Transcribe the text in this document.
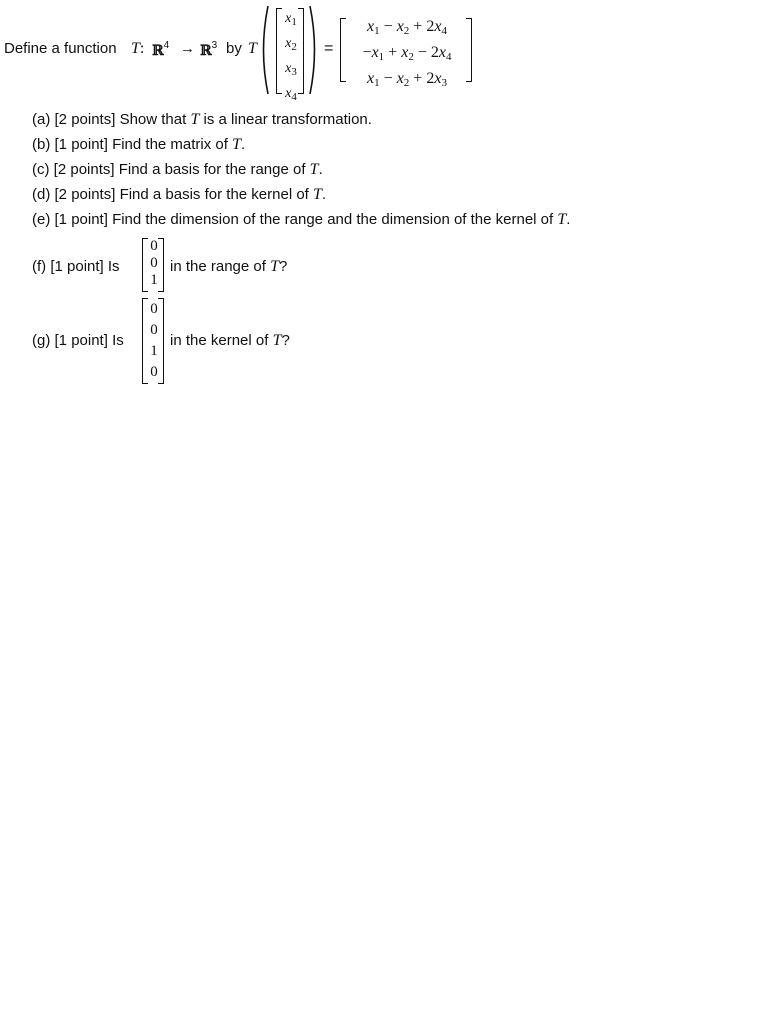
Define a function T: ℝ$^4$ → ℝ$^3$ by T
$x_1$
$x_2$
$x_3$
$x_4$
=
x1 − x2 + 2x4
−x1 + x2 − 2x4
x1 − x2 + 2x3
(a) [2 points] Show that T is a linear transformation.
(b) [1 point] Find the matrix of T.
(c) [2 points] Find a basis for the range of T.
(d) [2 points] Find a basis for the kernel of T.
(e) [1 point] Find the dimension of the range and the dimension of the kernel of T.
(f) [1 point] Is
0
0
1
in the range of T?
(g) [1 point] Is
0
0
1
0
in the kernel of T?
